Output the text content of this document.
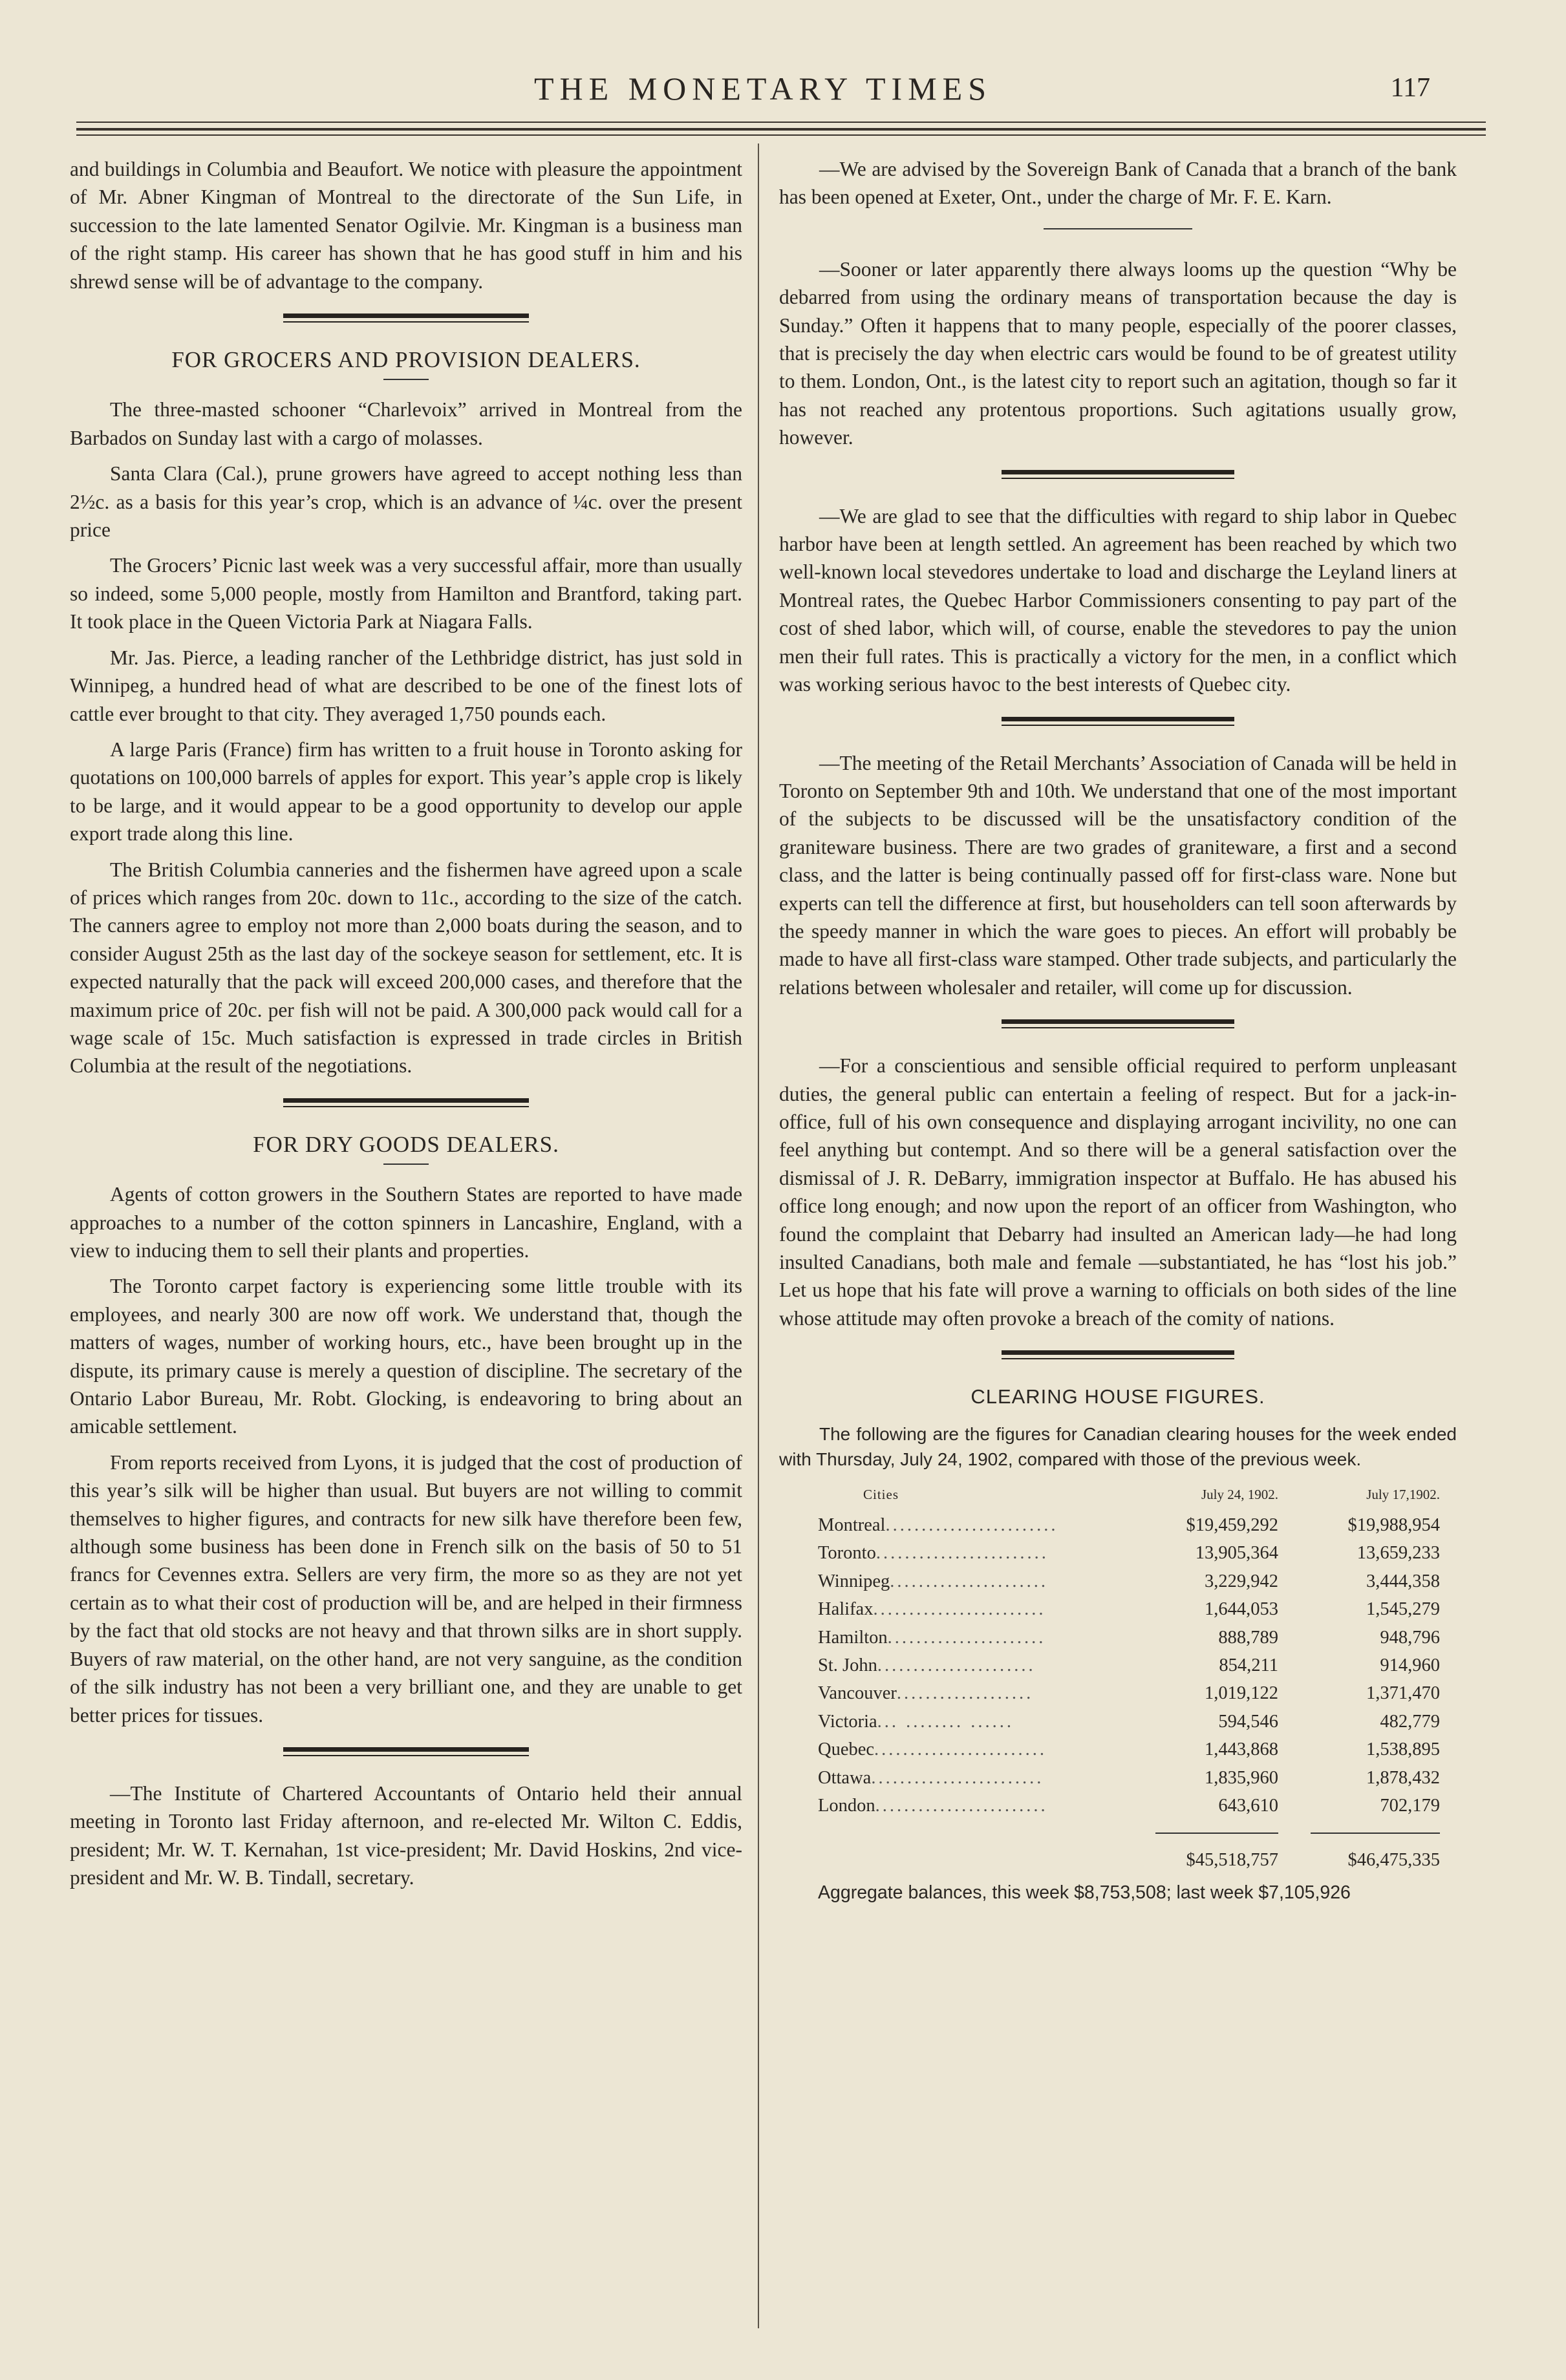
THE MONETARY TIMES	117

and buildings in Columbia and Beaufort. We notice with pleasure the appointment of Mr. Abner Kingman of Montreal to the directorate of the Sun Life, in succession to the late lamented Senator Ogilvie. Mr. Kingman is a business man of the right stamp. His career has shown that he has good stuff in him and his shrewd sense will be of advantage to the company.

FOR GROCERS AND PROVISION DEALERS.

The three-masted schooner “Charlevoix” arrived in Montreal from the Barbados on Sunday last with a cargo of molasses.

Santa Clara (Cal.), prune growers have agreed to accept nothing less than 2½c. as a basis for this year’s crop, which is an advance of ¼c. over the present price

The Grocers’ Picnic last week was a very successful affair, more than usually so indeed, some 5,000 people, mostly from Hamilton and Brantford, taking part. It took place in the Queen Victoria Park at Niagara Falls.

Mr. Jas. Pierce, a leading rancher of the Lethbridge district, has just sold in Winnipeg, a hundred head of what are described to be one of the finest lots of cattle ever brought to that city. They averaged 1,750 pounds each.

A large Paris (France) firm has written to a fruit house in Toronto asking for quotations on 100,000 barrels of apples for export. This year’s apple crop is likely to be large, and it would appear to be a good opportunity to develop our apple export trade along this line.

The British Columbia canneries and the fishermen have agreed upon a scale of prices which ranges from 20c. down to 11c., according to the size of the catch. The canners agree to employ not more than 2,000 boats during the season, and to consider August 25th as the last day of the sockeye season for settlement, etc. It is expected naturally that the pack will exceed 200,000 cases, and therefore that the maximum price of 20c. per fish will not be paid. A 300,000 pack would call for a wage scale of 15c. Much satisfaction is expressed in trade circles in British Columbia at the result of the negotiations.

FOR DRY GOODS DEALERS.

Agents of cotton growers in the Southern States are reported to have made approaches to a number of the cotton spinners in Lancashire, England, with a view to inducing them to sell their plants and properties.

The Toronto carpet factory is experiencing some little trouble with its employees, and nearly 300 are now off work. We understand that, though the matters of wages, number of working hours, etc., have been brought up in the dispute, its primary cause is merely a question of discipline. The secretary of the Ontario Labor Bureau, Mr. Robt. Glocking, is endeavoring to bring about an amicable settlement.

From reports received from Lyons, it is judged that the cost of production of this year’s silk will be higher than usual. But buyers are not willing to commit themselves to higher figures, and contracts for new silk have therefore been few, although some business has been done in French silk on the basis of 50 to 51 francs for Cevennes extra. Sellers are very firm, the more so as they are not yet certain as to what their cost of production will be, and are helped in their firmness by the fact that old stocks are not heavy and that thrown silks are in short supply. Buyers of raw material, on the other hand, are not very sanguine, as the condition of the silk industry has not been a very brilliant one, and they are unable to get better prices for tissues.

—The Institute of Chartered Accountants of Ontario held their annual meeting in Toronto last Friday afternoon, and re-elected Mr. Wilton C. Eddis, president; Mr. W. T. Kernahan, 1st vice-president; Mr. David Hoskins, 2nd vice-president and Mr. W. B. Tindall, secretary.

—We are advised by the Sovereign Bank of Canada that a branch of the bank has been opened at Exeter, Ont., under the charge of Mr. F. E. Karn.

—Sooner or later apparently there always looms up the question “Why be debarred from using the ordinary means of transportation because the day is Sunday.” Often it happens that to many people, especially of the poorer classes, that is precisely the day when electric cars would be found to be of greatest utility to them. London, Ont., is the latest city to report such an agitation, though so far it has not reached any protentous proportions. Such agitations usually grow, however.

—We are glad to see that the difficulties with regard to ship labor in Quebec harbor have been at length settled. An agreement has been reached by which two well-known local stevedores undertake to load and discharge the Leyland liners at Montreal rates, the Quebec Harbor Commissioners consenting to pay part of the cost of shed labor, which will, of course, enable the stevedores to pay the union men their full rates. This is practically a victory for the men, in a conflict which was working serious havoc to the best interests of Quebec city.

—The meeting of the Retail Merchants’ Association of Canada will be held in Toronto on September 9th and 10th. We understand that one of the most important of the subjects to be discussed will be the unsatisfactory condition of the graniteware business. There are two grades of graniteware, a first and a second class, and the latter is being continually passed off for first-class ware. None but experts can tell the difference at first, but householders can tell soon afterwards by the speedy manner in which the ware goes to pieces. An effort will probably be made to have all first-class ware stamped. Other trade subjects, and particularly the relations between wholesaler and retailer, will come up for discussion.

—For a conscientious and sensible official required to perform unpleasant duties, the general public can entertain a feeling of respect. But for a jack-in-office, full of his own consequence and displaying arrogant incivility, no one can feel anything but contempt. And so there will be a general satisfaction over the dismissal of J. R. DeBarry, immigration inspector at Buffalo. He has abused his office long enough; and now upon the report of an officer from Washington, who found the complaint that Debarry had insulted an American lady—he had long insulted Canadians, both male and female —substantiated, he has “lost his job.” Let us hope that his fate will prove a warning to officials on both sides of the line whose attitude may often provoke a breach of the comity of nations.

CLEARING HOUSE FIGURES.

The following are the figures for Canadian clearing houses for the week ended with Thursday, July 24, 1902, compared with those of the previous week.

Cities	July 24, 1902.	July 17,1902.
Montreal........................	$19,459,292	$19,988,954
Toronto........................	13,905,364	13,659,233
Winnipeg......................	3,229,942	3,444,358
Halifax........................	1,644,053	1,545,279
Hamilton......................	888,789	948,796
St. John......................	854,211	914,960
Vancouver...................	1,019,122	1,371,470
Victoria... ........ ......	594,546	482,779
Quebec........................	1,443,868	1,538,895
Ottawa........................	1,835,960	1,878,432
London........................	643,610	702,179

	$45,518,757	$46,475,335
Aggregate balances, this week $8,753,508; last week $7,105,926
